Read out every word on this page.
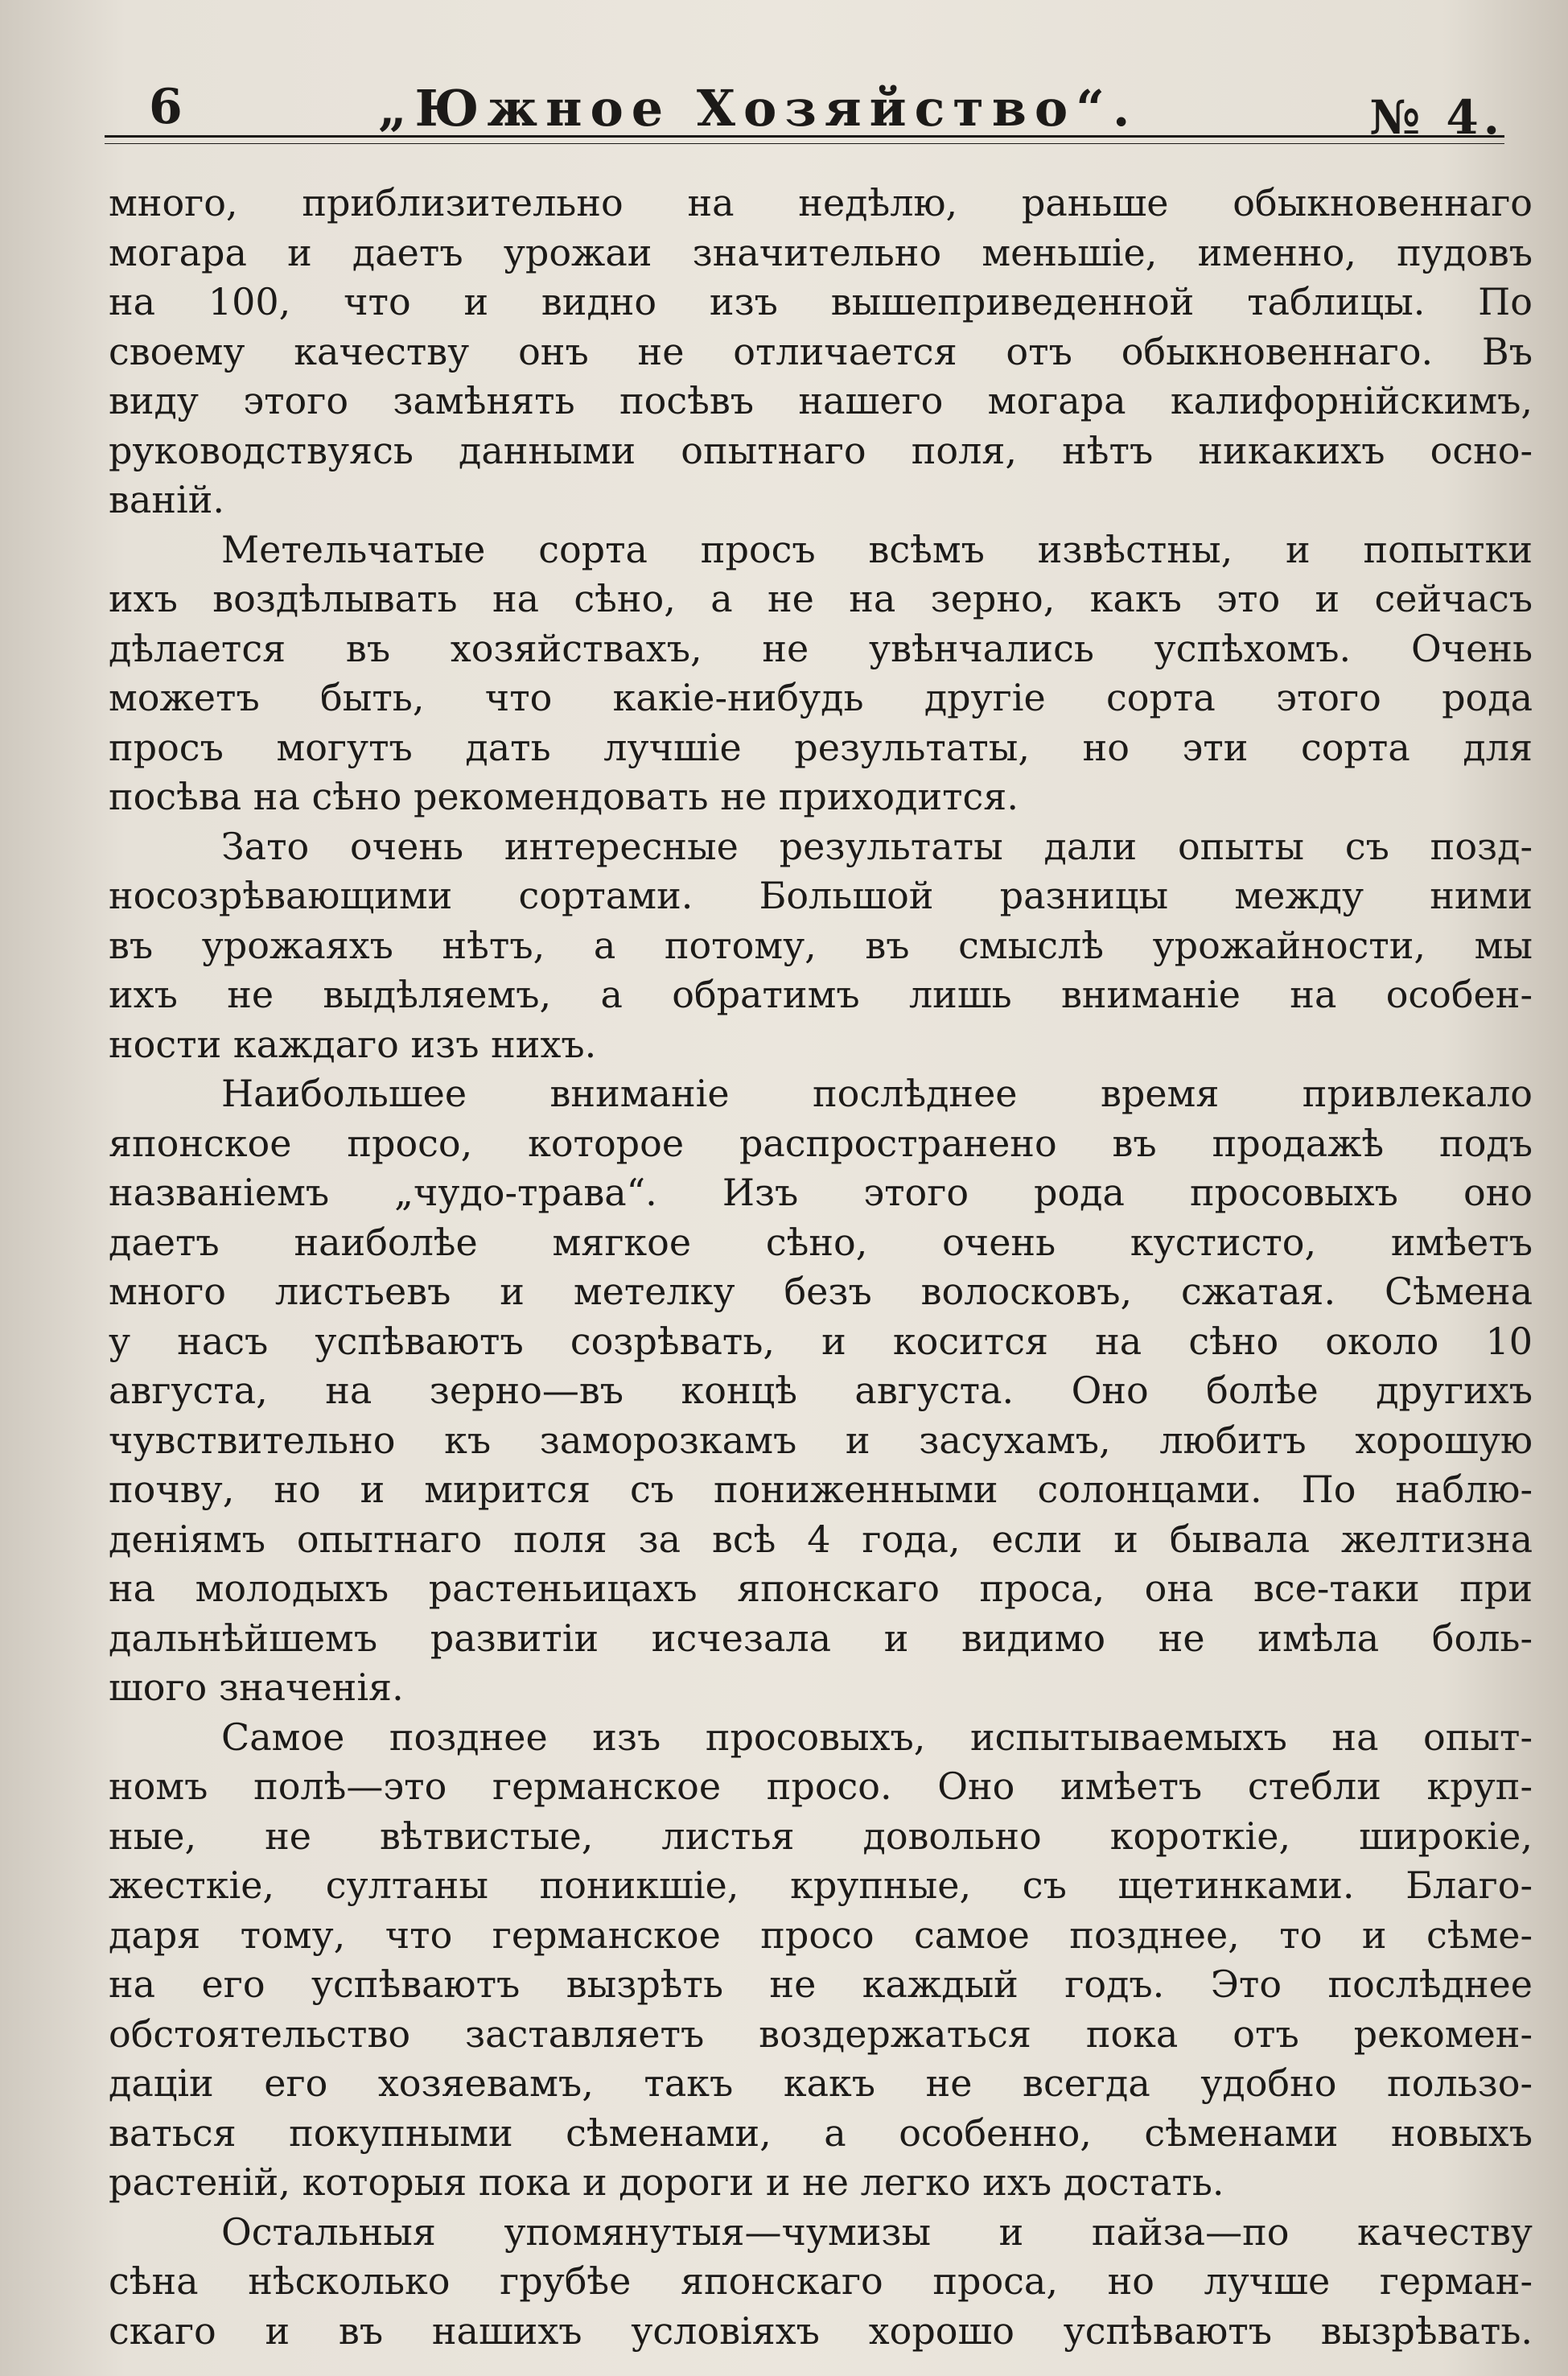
6	„Южное Хозяйство“.	№ 4.

много, приблизительно на недѣлю, раньше обыкновеннаго
могара и даетъ урожаи значительно меньшіе, именно, пудовъ
на 100, что и видно изъ вышеприведенной таблицы. По
своему качеству онъ не отличается отъ обыкновеннаго. Въ
виду этого замѣнять посѣвъ нашего могара калифорнійскимъ,
руководствуясь данными опытнаго поля, нѣтъ никакихъ осно-
ваній.

Метельчатые сорта просъ всѣмъ извѣстны, и попытки
ихъ воздѣлывать на сѣно, а не на зерно, какъ это и сейчасъ
дѣлается въ хозяйствахъ, не увѣнчались успѣхомъ. Очень
можетъ быть, что какіе-нибудь другіе сорта этого рода
просъ могутъ дать лучшіе результаты, но эти сорта для
посѣва на сѣно рекомендовать не приходится.

Зато очень интересные результаты дали опыты съ позд-
носозрѣвающими сортами. Большой разницы между ними
въ урожаяхъ нѣтъ, а потому, въ смыслѣ урожайности, мы
ихъ не выдѣляемъ, а обратимъ лишь вниманіе на особен-
ности каждаго изъ нихъ.

Наибольшее вниманіе послѣднее время привлекало
японское просо, которое распространено въ продажѣ подъ
названіемъ „чудо-трава“. Изъ этого рода просовыхъ оно
даетъ наиболѣе мягкое сѣно, очень кустисто, имѣетъ
много листьевъ и метелку безъ волосковъ, сжатая. Сѣмена
у насъ успѣваютъ созрѣвать, и косится на сѣно около 10
августа, на зерно—въ концѣ августа. Оно болѣе другихъ
чувствительно къ заморозкамъ и засухамъ, любитъ хорошую
почву, но и мирится съ пониженными солонцами. По наблю-
деніямъ опытнаго поля за всѣ 4 года, если и бывала желтизна
на молодыхъ растеньицахъ японскаго проса, она все-таки при
дальнѣйшемъ развитіи исчезала и видимо не имѣла боль-
шого значенія.

Самое позднее изъ просовыхъ, испытываемыхъ на опыт-
номъ полѣ—это германское просо. Оно имѣетъ стебли круп-
ные, не вѣтвистые, листья довольно короткіе, широкіе,
жесткіе, султаны поникшіе, крупные, съ щетинками. Благо-
даря тому, что германское просо самое позднее, то и сѣме-
на его успѣваютъ вызрѣть не каждый годъ. Это послѣднее
обстоятельство заставляетъ воздержаться пока отъ рекомен-
даціи его хозяевамъ, такъ какъ не всегда удобно пользо-
ваться покупными сѣменами, а особенно, сѣменами новыхъ
растеній, которыя пока и дороги и не легко ихъ достать.

Остальныя упомянутыя—чумизы и пайза—по качеству
сѣна нѣсколько грубѣе японскаго проса, но лучше герман-
скаго и въ нашихъ условіяхъ хорошо успѣваютъ вызрѣвать.
